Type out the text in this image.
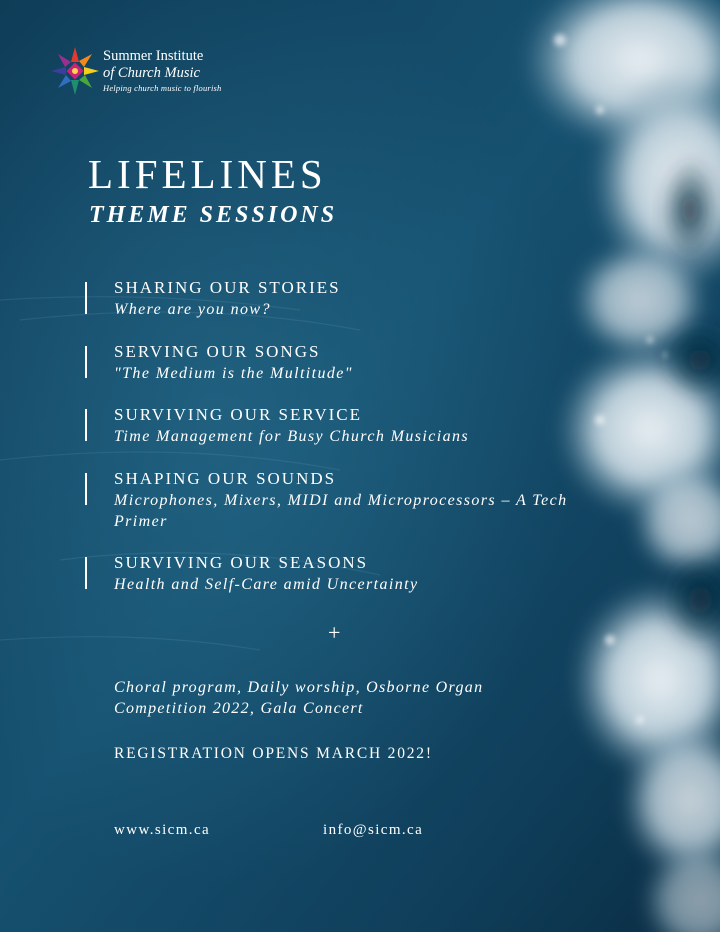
Summer Institute
of Church Music
Helping church music to flourish
LIFELINES
THEME SESSIONS
SHARING OUR STORIES
Where are you now?
SERVING OUR SONGS
"The Medium is the Multitude"
SURVIVING OUR SERVICE
Time Management for Busy Church Musicians
SHAPING OUR SOUNDS
Microphones, Mixers, MIDI and Microprocessors – A Tech Primer
SURVIVING OUR SEASONS
Health and Self-Care amid Uncertainty
+
Choral program, Daily worship, Osborne Organ Competition 2022, Gala Concert
REGISTRATION OPENS MARCH 2022!
www.sicm.ca	info@sicm.ca
